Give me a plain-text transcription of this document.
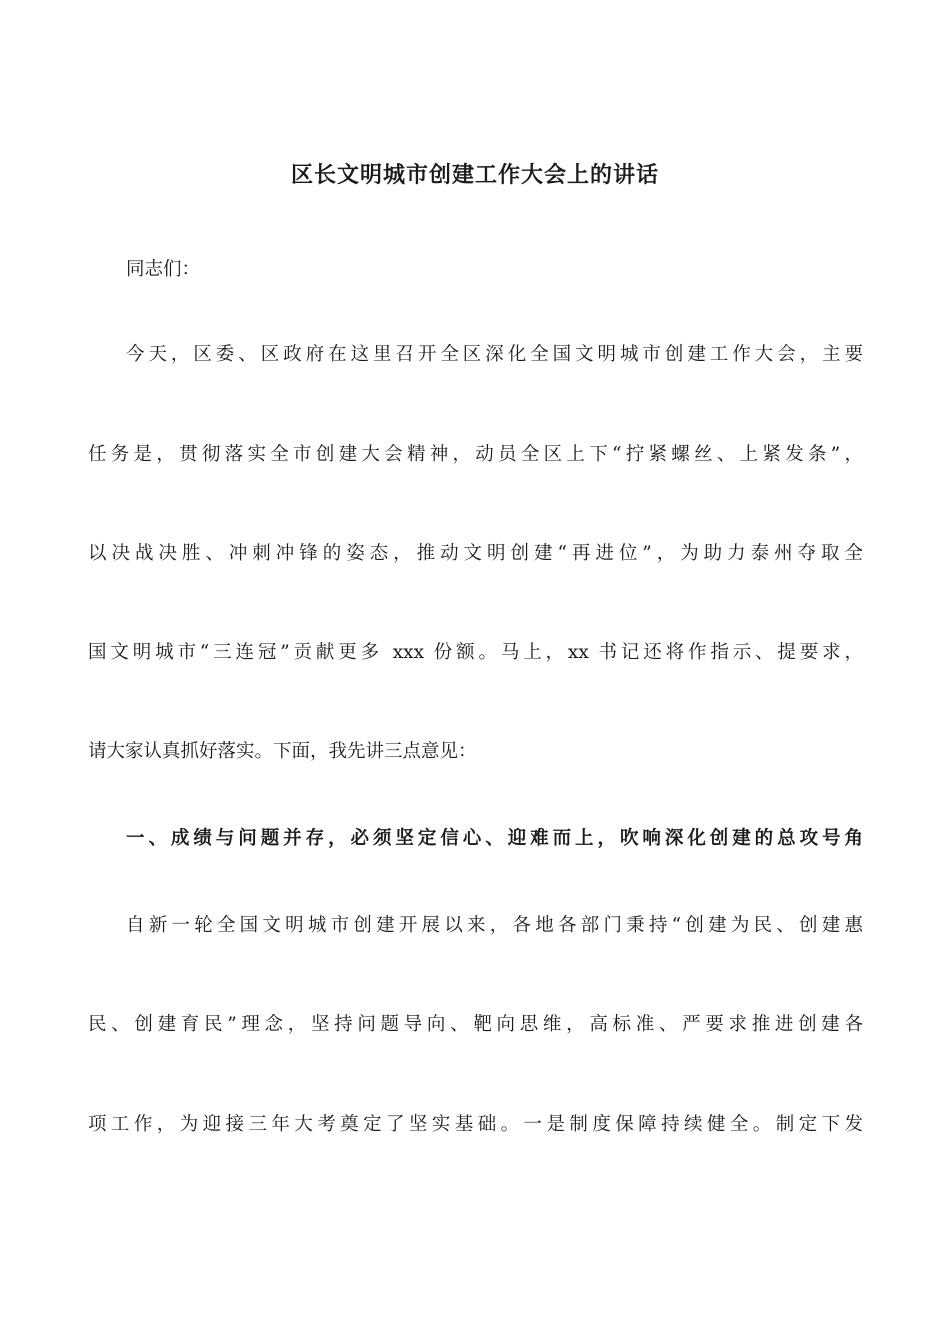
区长文明城市创建工作大会上的讲话

同志们：

今天，区委、区政府在这里召开全区深化全国文明城市创建工作大会，主要

任务是，贯彻落实全市创建大会精神，动员全区上下“拧紧螺丝、上紧发条”，

以决战决胜、冲刺冲锋的姿态，推动文明创建“再进位”，为助力泰州夺取全

国文明城市“三连冠”贡献更多 xxx 份额。马上，xx 书记还将作指示、提要求，

请大家认真抓好落实。下面，我先讲三点意见：

一、成绩与问题并存，必须坚定信心、迎难而上，吹响深化创建的总攻号角

自新一轮全国文明城市创建开展以来，各地各部门秉持“创建为民、创建惠

民、创建育民”理念，坚持问题导向、靶向思维，高标准、严要求推进创建各

项工作，为迎接三年大考奠定了坚实基础。一是制度保障持续健全。制定下发
